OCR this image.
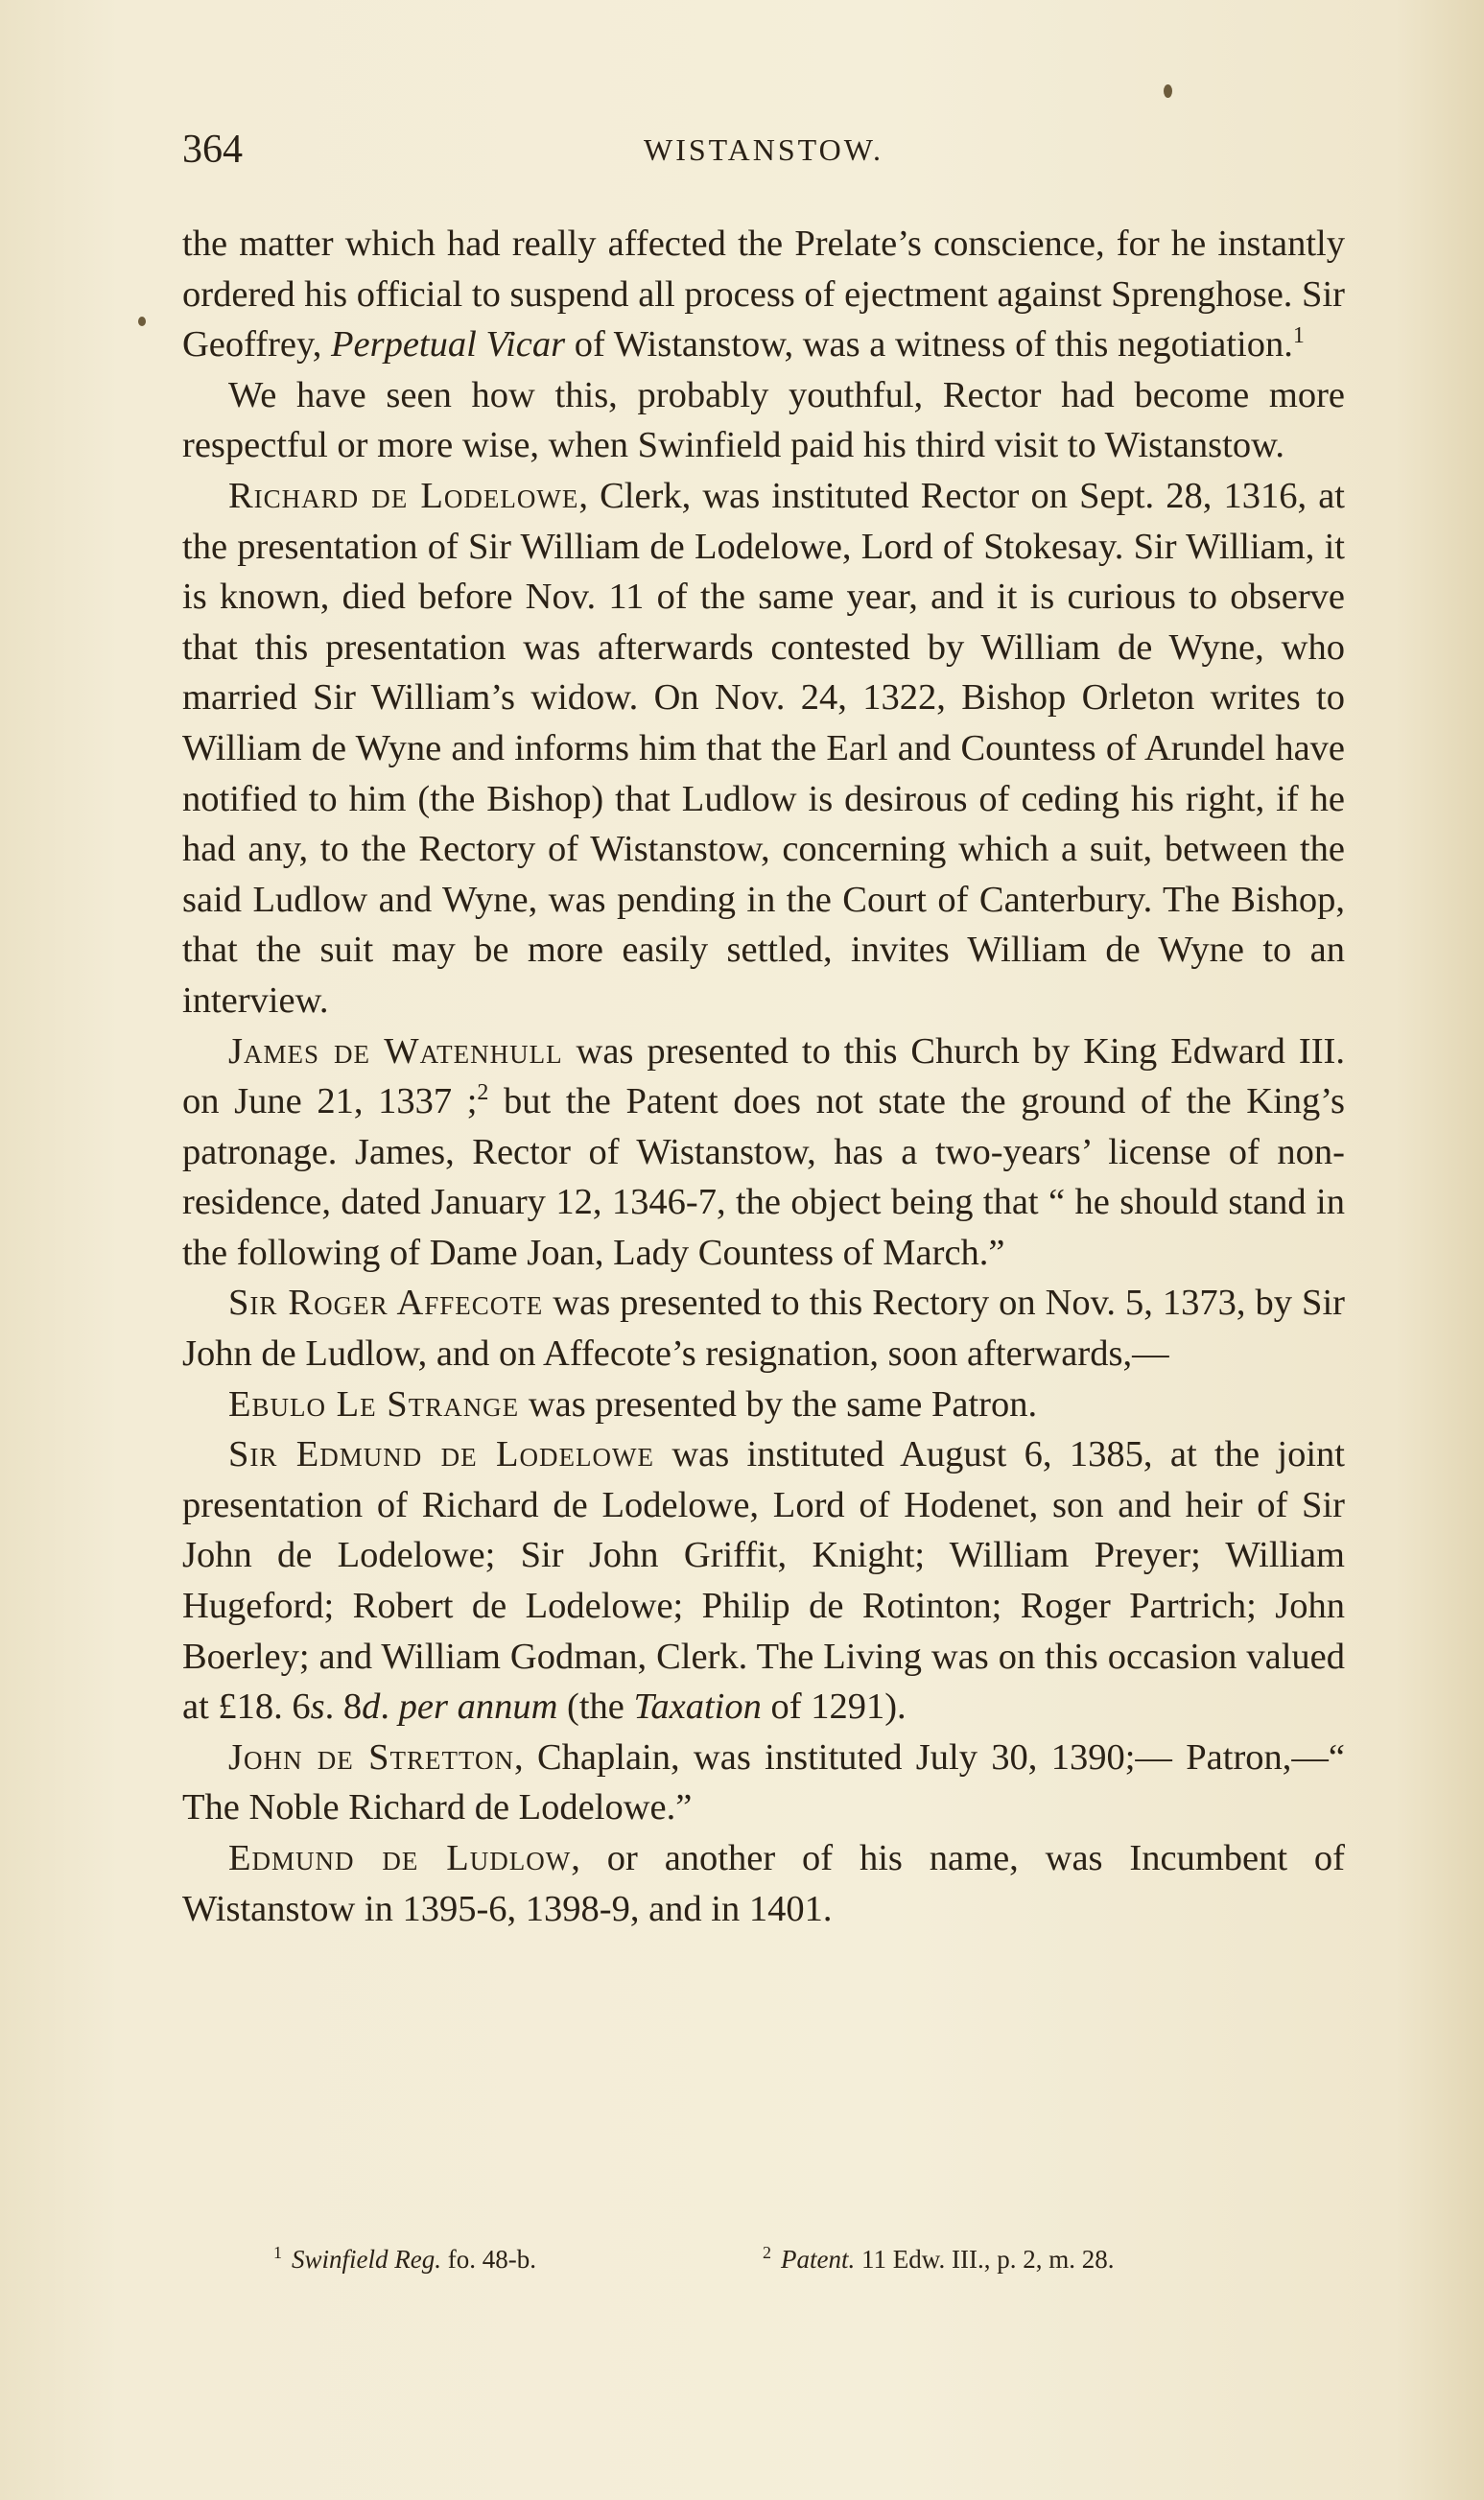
364	WISTANSTOW.

the matter which had really affected the Prelate’s conscience, for he instantly ordered his official to suspend all process of ejectment against Sprenghose. Sir Geoffrey, Perpetual Vicar of Wistanstow, was a witness of this negotiation.$^1$

We have seen how this, probably youthful, Rector had become more respectful or more wise, when Swinfield paid his third visit to Wistanstow.

Richard de Lodelowe, Clerk, was instituted Rector on Sept. 28, 1316, at the presentation of Sir William de Lodelowe, Lord of Stokesay. Sir William, it is known, died before Nov. 11 of the same year, and it is curious to observe that this presentation was afterwards contested by William de Wyne, who married Sir William’s widow. On Nov. 24, 1322, Bishop Orleton writes to William de Wyne and informs him that the Earl and Countess of Arundel have notified to him (the Bishop) that Ludlow is desirous of ceding his right, if he had any, to the Rectory of Wistanstow, concerning which a suit, between the said Ludlow and Wyne, was pending in the Court of Canterbury. The Bishop, that the suit may be more easily settled, invites William de Wyne to an interview.

James de Watenhull was presented to this Church by King Edward III. on June 21, 1337 ;$^2$ but the Patent does not state the ground of the King’s patronage. James, Rector of Wistanstow, has a two-years’ license of non-residence, dated January 12, 1346-7, the object being that “ he should stand in the following of Dame Joan, Lady Countess of March.”

Sir Roger Affecote was presented to this Rectory on Nov. 5, 1373, by Sir John de Ludlow, and on Affecote’s resignation, soon afterwards,—

Ebulo Le Strange was presented by the same Patron.

Sir Edmund de Lodelowe was instituted August 6, 1385, at the joint presentation of Richard de Lodelowe, Lord of Hodenet, son and heir of Sir John de Lodelowe; Sir John Griffit, Knight; William Preyer; William Hugeford; Robert de Lodelowe; Philip de Rotinton; Roger Partrich; John Boerley; and William Godman, Clerk. The Living was on this occasion valued at £18. 6s. 8d. per annum (the Taxation of 1291).

John de Stretton, Chaplain, was instituted July 30, 1390;— Patron,—“ The Noble Richard de Lodelowe.”

Edmund de Ludlow, or another of his name, was Incumbent of Wistanstow in 1395-6, 1398-9, and in 1401.

$^1$ Swinfield Reg. fo. 48-b.	$^2$ Patent. 11 Edw. III., p. 2, m. 28.
